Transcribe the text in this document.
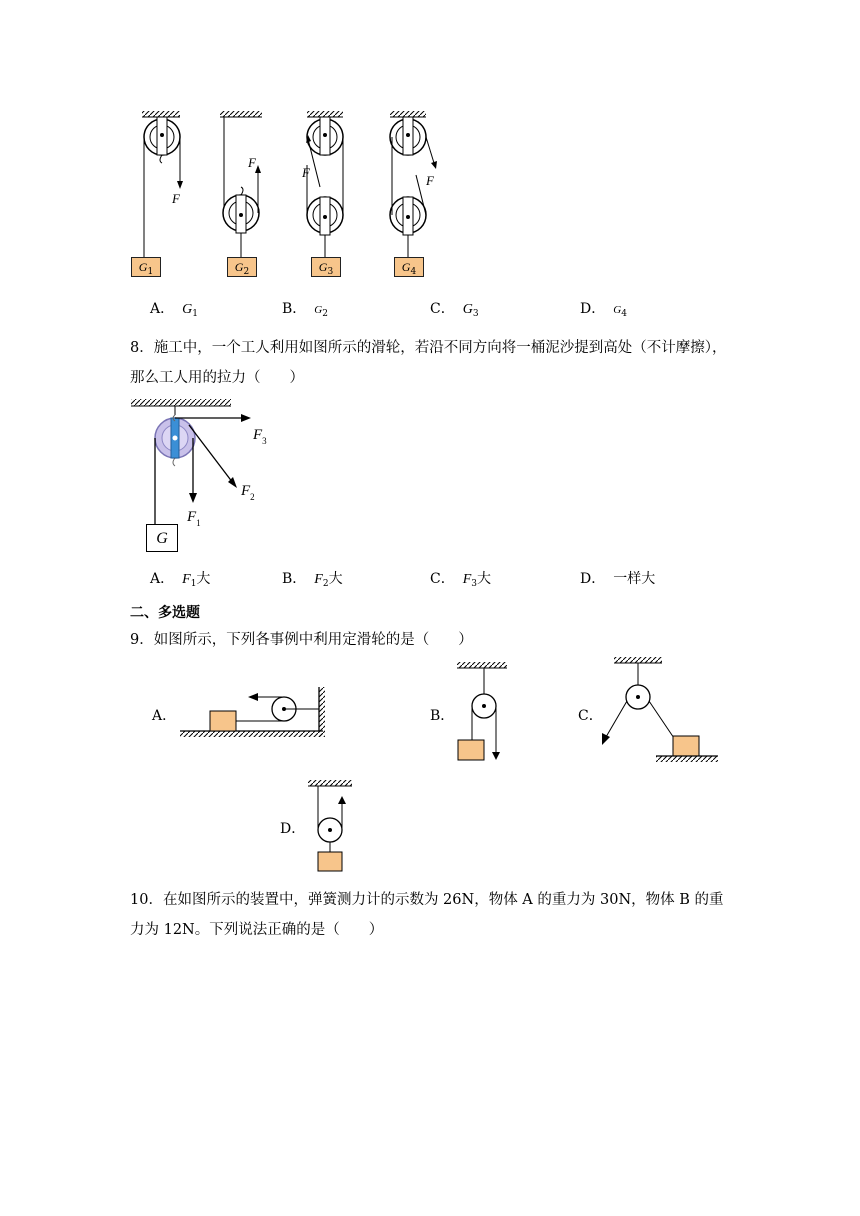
F
F
F
F
$G_1$	$G_2$	$G_3$	$G_4$
A． $G_1$	B． $G_2$	C． $G_3$	D． $G_4$
8．施工中，一个工人利用如图所示的滑轮，若沿不同方向将一桶泥沙提到高处（不计摩擦），
那么工人用的拉力（　　）
$F_3$
$F_2$
$F_1$
G
A． $F_1$大	B． $F_2$大	C． $F_3$大	D． 一样大
二、多选题
9．如图所示，下列各事例中利用定滑轮的是（　　）
A．	B．	C．
D．
10．在如图所示的装置中，弹簧测力计的示数为 26N，物体 A 的重力为 30N，物体 B 的重
力为 12N。下列说法正确的是（　　）
